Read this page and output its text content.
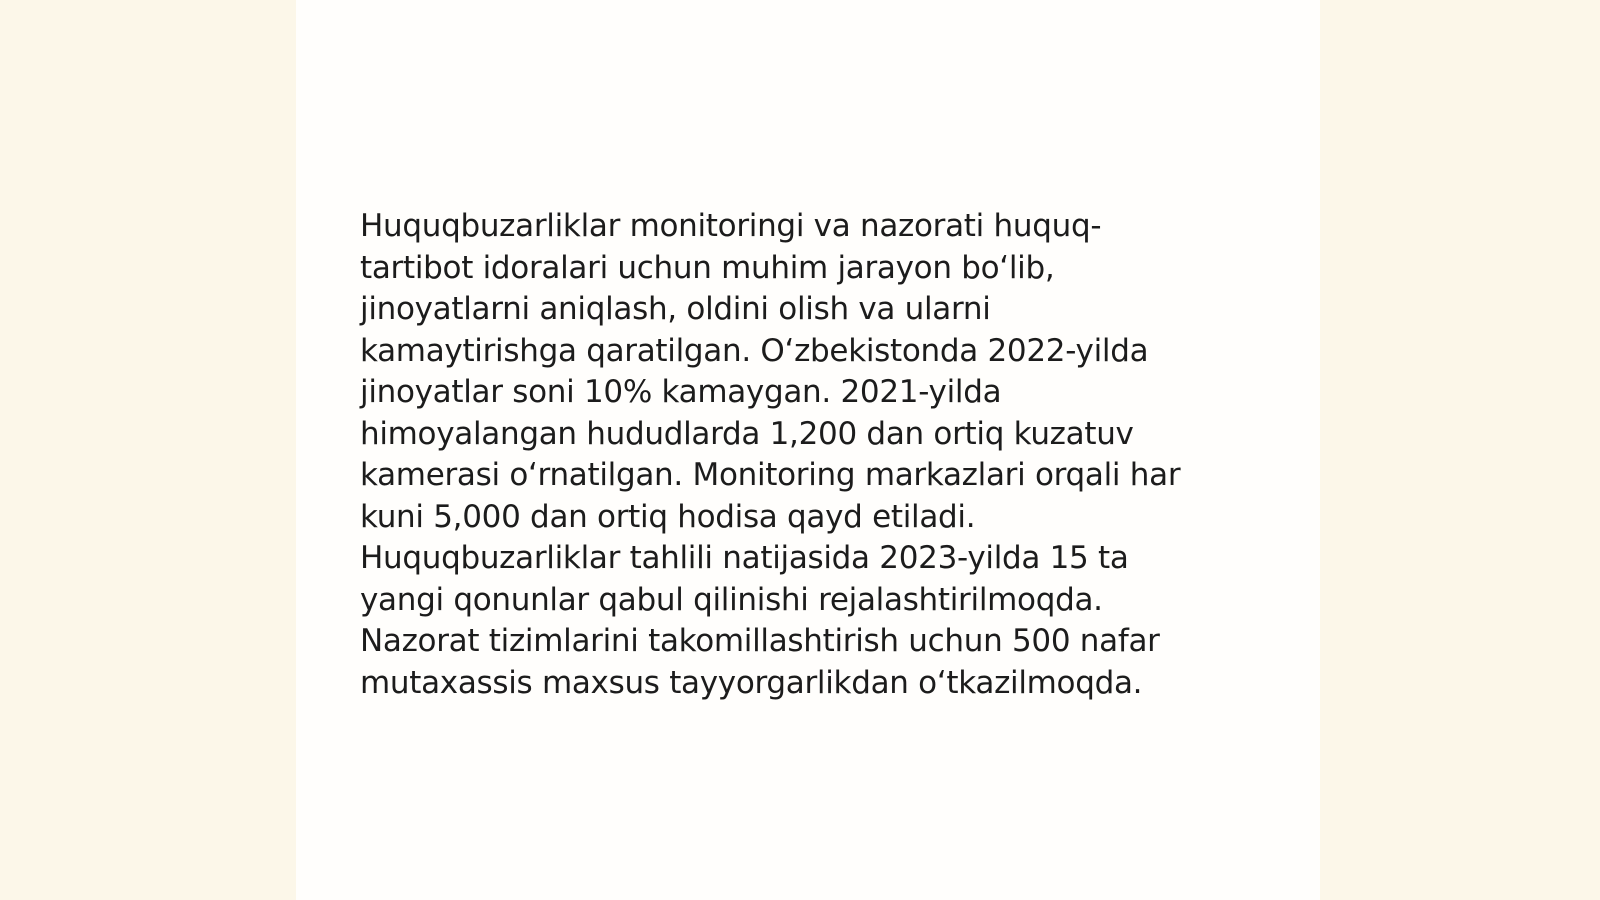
Huquqbuzarliklar monitoringi va nazorati huquq-
tartibot idoralari uchun muhim jarayon bo‘lib,
jinoyatlarni aniqlash, oldini olish va ularni
kamaytirishga qaratilgan. O‘zbekistonda 2022-yilda
jinoyatlar soni 10% kamaygan. 2021-yilda
himoyalangan hududlarda 1,200 dan ortiq kuzatuv
kamerasi o‘rnatilgan. Monitoring markazlari orqali har
kuni 5,000 dan ortiq hodisa qayd etiladi.
Huquqbuzarliklar tahlili natijasida 2023-yilda 15 ta
yangi qonunlar qabul qilinishi rejalashtirilmoqda.
Nazorat tizimlarini takomillashtirish uchun 500 nafar
mutaxassis maxsus tayyorgarlikdan o‘tkazilmoqda.
